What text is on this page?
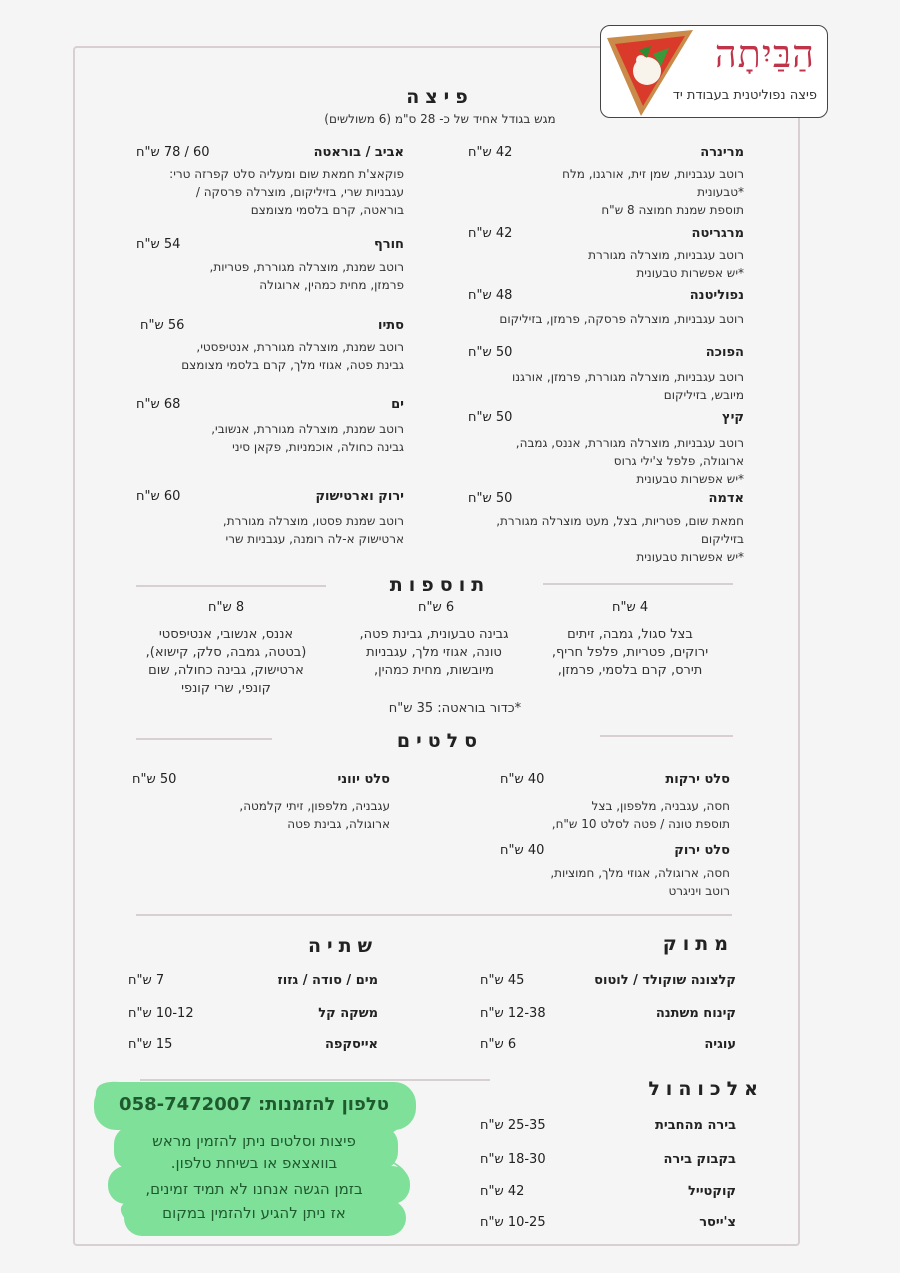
הַבַּיִתָה
פיצה נפוליטנית בעבודת יד
פיצה
מגש בגודל אחיד של כ- 28 ס"מ (6 משולשים)
מרינרה
42 ש"ח
רוטב עגבניות, שמן זית, אורגנו, מלח
*טבעונית
תוספת שמנת חמוצה 8 ש"ח
מרגריטה
42 ש"ח
רוטב עגבניות, מוצרלה מגוררת
*יש אפשרות טבעונית
נפוליטנה
48 ש"ח
רוטב עגבניות, מוצרלה פרסקה, פרמזן, בזיליקום
הפוכה
50 ש"ח
רוטב עגבניות, מוצרלה מגוררת, פרמזן, אורגנו
מיובש, בזיליקום
קיץ
50 ש"ח
רוטב עגבניות, מוצרלה מגוררת, אננס, גמבה,
ארוגולה, פלפל צ'ילי גרוס
*יש אפשרות טבעונית
אדמה
50 ש"ח
חמאת שום, פטריות, בצל, מעט מוצרלה מגוררת,
בזיליקום
*יש אפשרות טבעונית
אביב / בוראטה
60 / 78 ש"ח
פוקאצ'ת חמאת שום ומעליה סלט קפרזה טרי:
עגבניות שרי, בזיליקום, מוצרלה פרסקה /
בוראטה, קרם בלסמי מצומצם
חורף
54 ש"ח
רוטב שמנת, מוצרלה מגוררת, פטריות,
פרמזן, מחית כמהין, ארוגולה
סתיו
56 ש"ח
רוטב שמנת, מוצרלה מגוררת, אנטיפסטי,
גבינת פטה, אגוזי מלך, קרם בלסמי מצומצם
ים
68 ש"ח
רוטב שמנת, מוצרלה מגוררת, אנשובי,
גבינה כחולה, אוכמניות, פקאן סיני
ירוק וארטישוק
60 ש"ח
רוטב שמנת פסטו, מוצרלה מגוררת,
ארטישוק א-לה רומנה, עגבניות שרי
תוספות
4 ש"ח
בצל סגול, גמבה, זיתים
ירוקים, פטריות, פלפל חריף,
תירס, קרם בלסמי, פרמזן,
6 ש"ח
גבינה טבעונית, גבינת פטה,
טונה, אגוזי מלך, עגבניות
מיובשות, מחית כמהין,
8 ש"ח
אננס, אנשובי, אנטיפסטי
(בטטה, גמבה, סלק, קישוא),
ארטישוק, גבינה כחולה, שום
קונפי, שרי קונפי
*כדור בוראטה: 35 ש"ח
סלטים
סלט ירקות
40 ש"ח
חסה, עגבניה, מלפפון, בצל
תוספת טונה / פטה לסלט 10 ש"ח,
סלט ירוק
40 ש"ח
חסה, ארוגולה, אגוזי מלך, חמוציות,
רוטב ויניגרט
סלט יווני
50 ש"ח
עגבניה, מלפפון, זיתי קלמטה,
ארוגולה, גבינת פטה
מתוק
קלצונה שוקולד / לוטוס
45 ש"ח
קינוח משתנה
12-38 ש"ח
עוגיה
6 ש"ח
שתיה
מים / סודה / גזוז
7 ש"ח
משקה קל
10-12 ש"ח
אייסקפה
15 ש"ח
אלכוהול
בירה מהחבית
25-35 ש"ח
בקבוק בירה
18-30 ש"ח
קוקטייל
42 ש"ח
צ'ייסר
10-25 ש"ח
טלפון להזמנות: 058-7472007
פיצות וסלטים ניתן להזמין מראש
בוואצאפ או בשיחת טלפון.
בזמן הגשה אנחנו לא תמיד זמינים,
אז ניתן להגיע ולהזמין במקום
